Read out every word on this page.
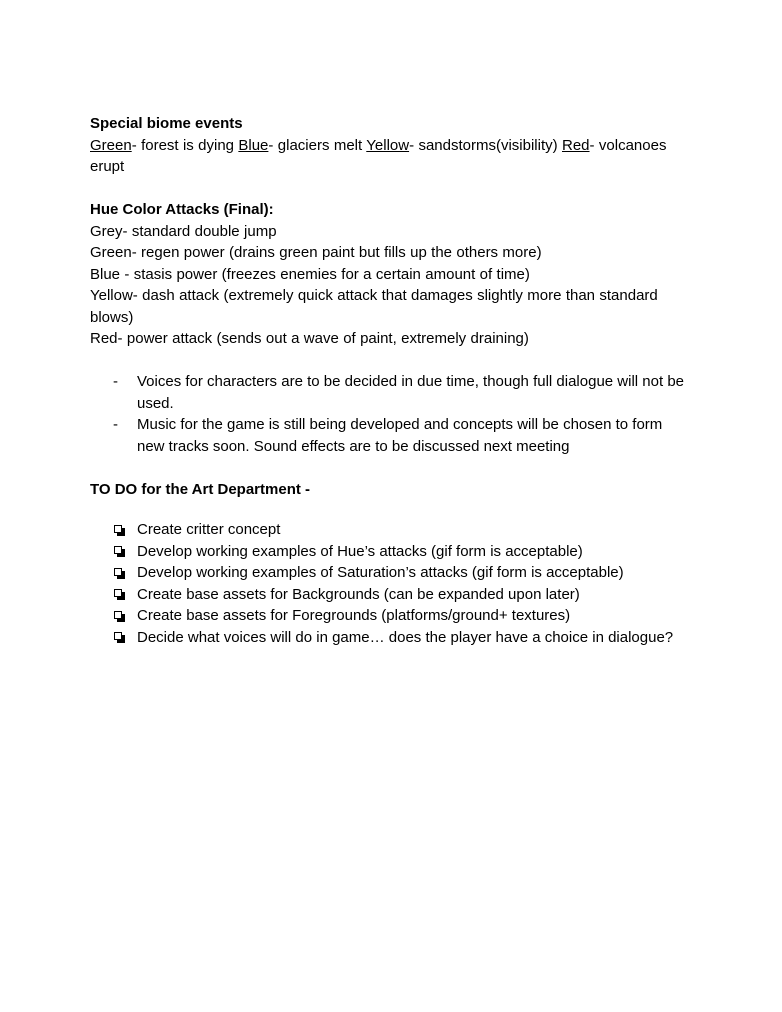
Special biome events
Green- forest is dying Blue- glaciers melt Yellow- sandstorms(visibility) Red- volcanoes erupt

Hue Color Attacks (Final):
Grey- standard double jump
Green- regen power (drains green paint but fills up the others more)
Blue - stasis power (freezes enemies for a certain amount of time)
Yellow- dash attack (extremely quick attack that damages slightly more than standard blows)
Red- power attack (sends out a wave of paint, extremely draining)

- Voices for characters are to be decided in due time, though full dialogue will not be used.
- Music for the game is still being developed and concepts will be chosen to form new tracks soon. Sound effects are to be discussed next meeting

TO DO for the Art Department -

Create critter concept
Develop working examples of Hue’s attacks (gif form is acceptable)
Develop working examples of Saturation’s attacks (gif form is acceptable)
Create base assets for Backgrounds (can be expanded upon later)
Create base assets for Foregrounds (platforms/ground+ textures)
Decide what voices will do in game… does the player have a choice in dialogue?
